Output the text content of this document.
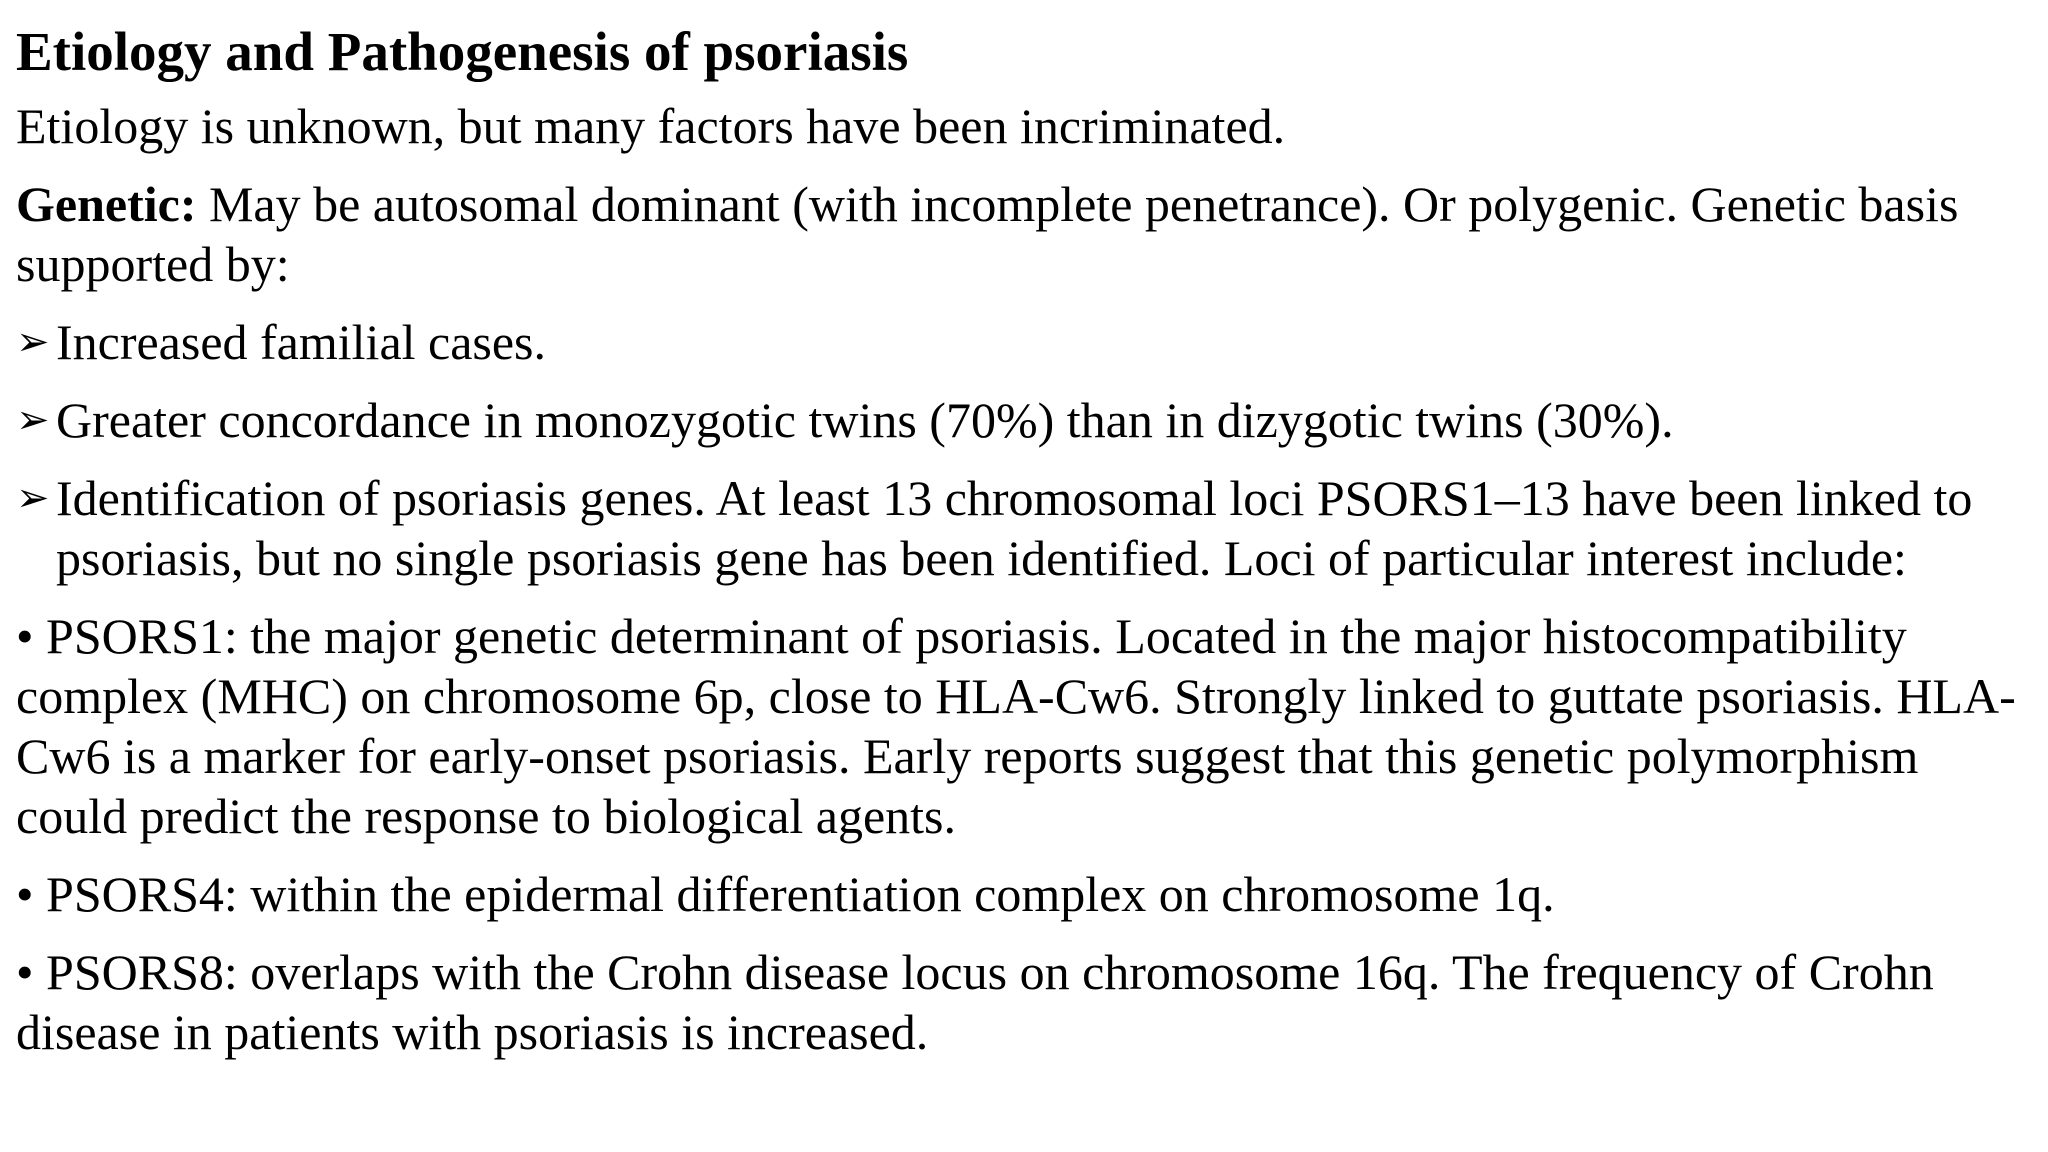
Etiology and Pathogenesis of psoriasis
Etiology is unknown, but many factors have been incriminated.
Genetic: May be autosomal dominant (with incomplete penetrance). Or polygenic. Genetic basis supported by:
➢ Increased familial cases.
➢ Greater concordance in monozygotic twins (70%) than in dizygotic twins (30%).
➢ Identification of psoriasis genes. At least 13 chromosomal loci PSORS1–13 have been linked to psoriasis, but no single psoriasis gene has been identified. Loci of particular interest include:
• PSORS1: the major genetic determinant of psoriasis. Located in the major histocompatibility complex (MHC) on chromosome 6p, close to HLA-Cw6. Strongly linked to guttate psoriasis. HLA-Cw6 is a marker for early-onset psoriasis. Early reports suggest that this genetic polymorphism could predict the response to biological agents.
• PSORS4: within the epidermal differentiation complex on chromosome 1q.
• PSORS8: overlaps with the Crohn disease locus on chromosome 16q. The frequency of Crohn disease in patients with psoriasis is increased.
